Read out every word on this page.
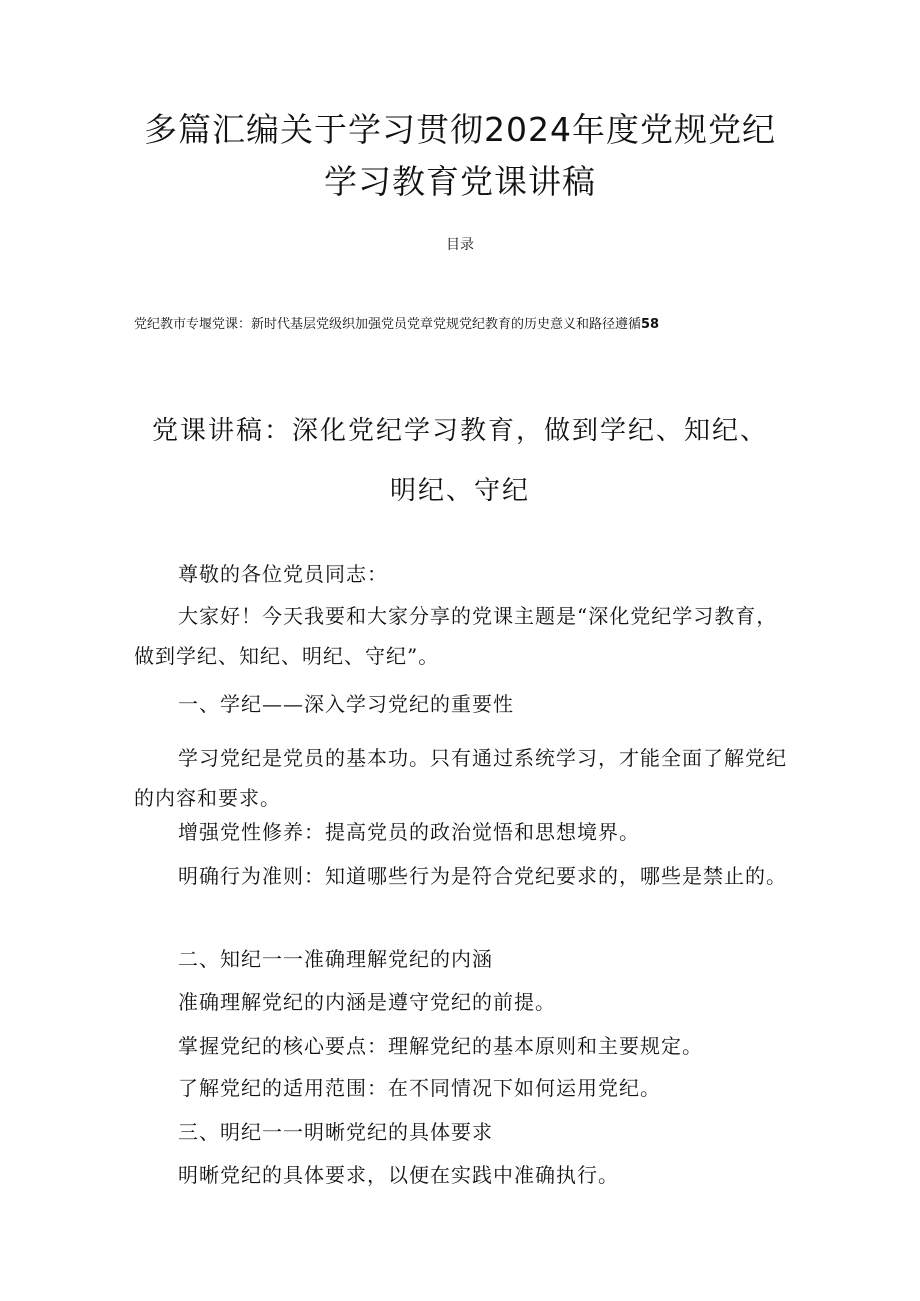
多篇汇编关于学习贯彻2024年度党规党纪
学习教育党课讲稿
目录
党纪教市专堰党课：新时代基层党级织加强党员党章党规党纪教育的历史意义和路径遵循58
党课讲稿：深化党纪学习教育，做到学纪、知纪、
明纪、守纪
尊敬的各位党员同志：
大家好！今天我要和大家分享的党课主题是“深化党纪学习教育，做到学纪、知纪、明纪、守纪”。
一、学纪——深入学习党纪的重要性
学习党纪是党员的基本功。只有通过系统学习，才能全面了解党纪的内容和要求。
增强党性修养：提高党员的政治觉悟和思想境界。
明确行为准则：知道哪些行为是符合党纪要求的，哪些是禁止的。
二、知纪一一准确理解党纪的内涵
准确理解党纪的内涵是遵守党纪的前提。
掌握党纪的核心要点：理解党纪的基本原则和主要规定。
了解党纪的适用范围：在不同情况下如何运用党纪。
三、明纪一一明晰党纪的具体要求
明晰党纪的具体要求，以便在实践中准确执行。
